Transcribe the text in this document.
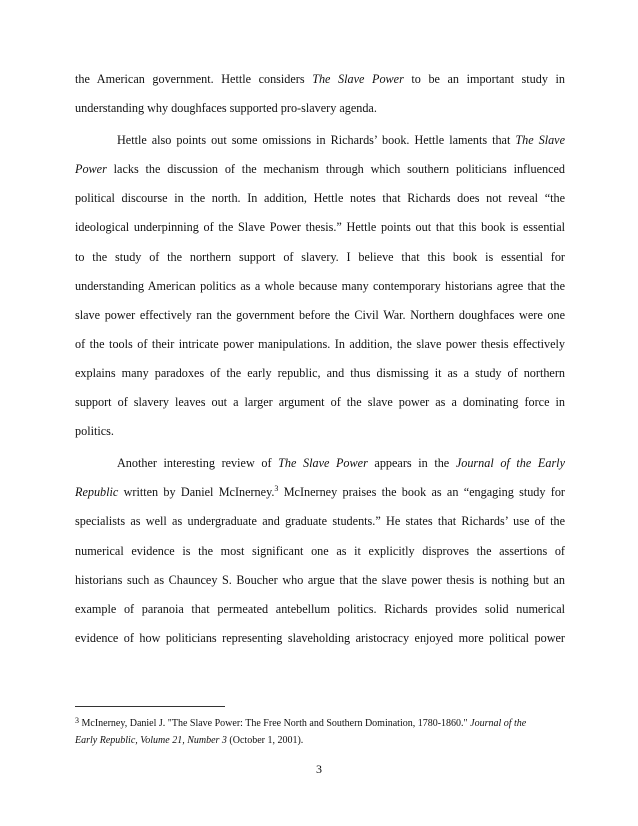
the American government. Hettle considers The Slave Power to be an important study in
understanding why doughfaces supported pro-slavery agenda.
Hettle also points out some omissions in Richards’ book. Hettle laments that The Slave
Power lacks the discussion of the mechanism through which southern politicians influenced
political discourse in the north. In addition, Hettle notes that Richards does not reveal “the
ideological underpinning of the Slave Power thesis.” Hettle points out that this book is essential
to the study of the northern support of slavery. I believe that this book is essential for
understanding American politics as a whole because many contemporary historians agree that the
slave power effectively ran the government before the Civil War. Northern doughfaces were one
of the tools of their intricate power manipulations. In addition, the slave power thesis effectively
explains many paradoxes of the early republic, and thus dismissing it as a study of northern
support of slavery leaves out a larger argument of the slave power as a dominating force in
politics.
Another interesting review of The Slave Power appears in the Journal of the Early
Republic written by Daniel McInerney.$^3$ McInerney praises the book as an “engaging study for
specialists as well as undergraduate and graduate students.” He states that Richards’ use of the
numerical evidence is the most significant one as it explicitly disproves the assertions of
historians such as Chauncey S. Boucher who argue that the slave power thesis is nothing but an
example of paranoia that permeated antebellum politics. Richards provides solid numerical
evidence of how politicians representing slaveholding aristocracy enjoyed more political power
$^3$ McInerney, Daniel J. "The Slave Power: The Free North and Southern Domination, 1780-1860." Journal of the
Early Republic, Volume 21, Number 3 (October 1, 2001).
3
